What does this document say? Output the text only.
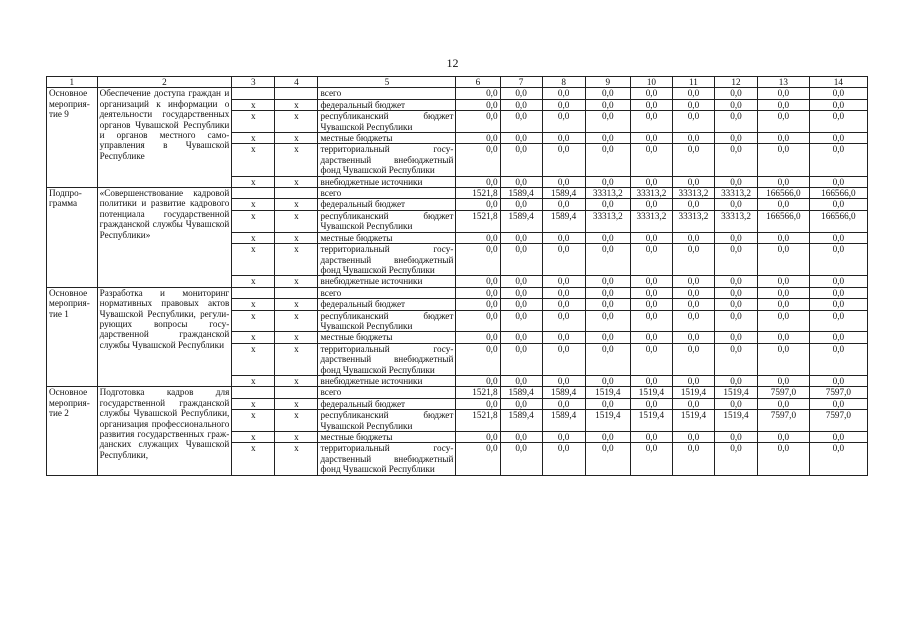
12
1	2	3	4	5	6	7	8	9	10	11	12	13	14
Основное мероприятие 9	Обеспечение доступа граждан и организаций к информации о деятельности государственных органов Чувашской Республики и органов местного самоуправления в Чувашской Республике			всего	0,0	0,0	0,0	0,0	0,0	0,0	0,0	0,0	0,0
		x	x	федеральный бюджет	0,0	0,0	0,0	0,0	0,0	0,0	0,0	0,0	0,0
		x	x	республиканский бюджет Чувашской Республики	0,0	0,0	0,0	0,0	0,0	0,0	0,0	0,0	0,0
		x	x	местные бюджеты	0,0	0,0	0,0	0,0	0,0	0,0	0,0	0,0	0,0
		x	x	территориальный государственный внебюджетный фонд Чувашской Республики	0,0	0,0	0,0	0,0	0,0	0,0	0,0	0,0	0,0
		x	x	внебюджетные источники	0,0	0,0	0,0	0,0	0,0	0,0	0,0	0,0	0,0
Подпрограмма	«Совершенствование кадровой политики и развитие кадрового потенциала государственной гражданской службы Чувашской Республики»			всего	1521,8	1589,4	1589,4	33313,2	33313,2	33313,2	33313,2	166566,0	166566,0
		x	x	федеральный бюджет	0,0	0,0	0,0	0,0	0,0	0,0	0,0	0,0	0,0
		x	x	республиканский бюджет Чувашской Республики	1521,8	1589,4	1589,4	33313,2	33313,2	33313,2	33313,2	166566,0	166566,0
		x	x	местные бюджеты	0,0	0,0	0,0	0,0	0,0	0,0	0,0	0,0	0,0
		x	x	территориальный государственный внебюджетный фонд Чувашской Республики	0,0	0,0	0,0	0,0	0,0	0,0	0,0	0,0	0,0
		x	x	внебюджетные источники	0,0	0,0	0,0	0,0	0,0	0,0	0,0	0,0	0,0
Основное мероприятие 1	Разработка и мониторинг нормативных правовых актов Чувашской Республики, регулирующих вопросы государственной гражданской службы Чувашской Республики			всего	0,0	0,0	0,0	0,0	0,0	0,0	0,0	0,0	0,0
		x	x	федеральный бюджет	0,0	0,0	0,0	0,0	0,0	0,0	0,0	0,0	0,0
		x	x	республиканский бюджет Чувашской Республики	0,0	0,0	0,0	0,0	0,0	0,0	0,0	0,0	0,0
		x	x	местные бюджеты	0,0	0,0	0,0	0,0	0,0	0,0	0,0	0,0	0,0
		x	x	территориальный государственный внебюджетный фонд Чувашской Республики	0,0	0,0	0,0	0,0	0,0	0,0	0,0	0,0	0,0
		x	x	внебюджетные источники	0,0	0,0	0,0	0,0	0,0	0,0	0,0	0,0	0,0
Основное мероприятие 2	Подготовка кадров для государственной гражданской службы Чувашской Республики, организация профессионального развития государственных гражданских служащих Чувашской Республики,			всего	1521,8	1589,4	1589,4	1519,4	1519,4	1519,4	1519,4	7597,0	7597,0
		x	x	федеральный бюджет	0,0	0,0	0,0	0,0	0,0	0,0	0,0	0,0	0,0
		x	x	республиканский бюджет Чувашской Республики	1521,8	1589,4	1589,4	1519,4	1519,4	1519,4	1519,4	7597,0	7597,0
		x	x	местные бюджеты	0,0	0,0	0,0	0,0	0,0	0,0	0,0	0,0	0,0
		x	x	территориальный государственный внебюджетный фонд Чувашской Республики	0,0	0,0	0,0	0,0	0,0	0,0	0,0	0,0	0,0
